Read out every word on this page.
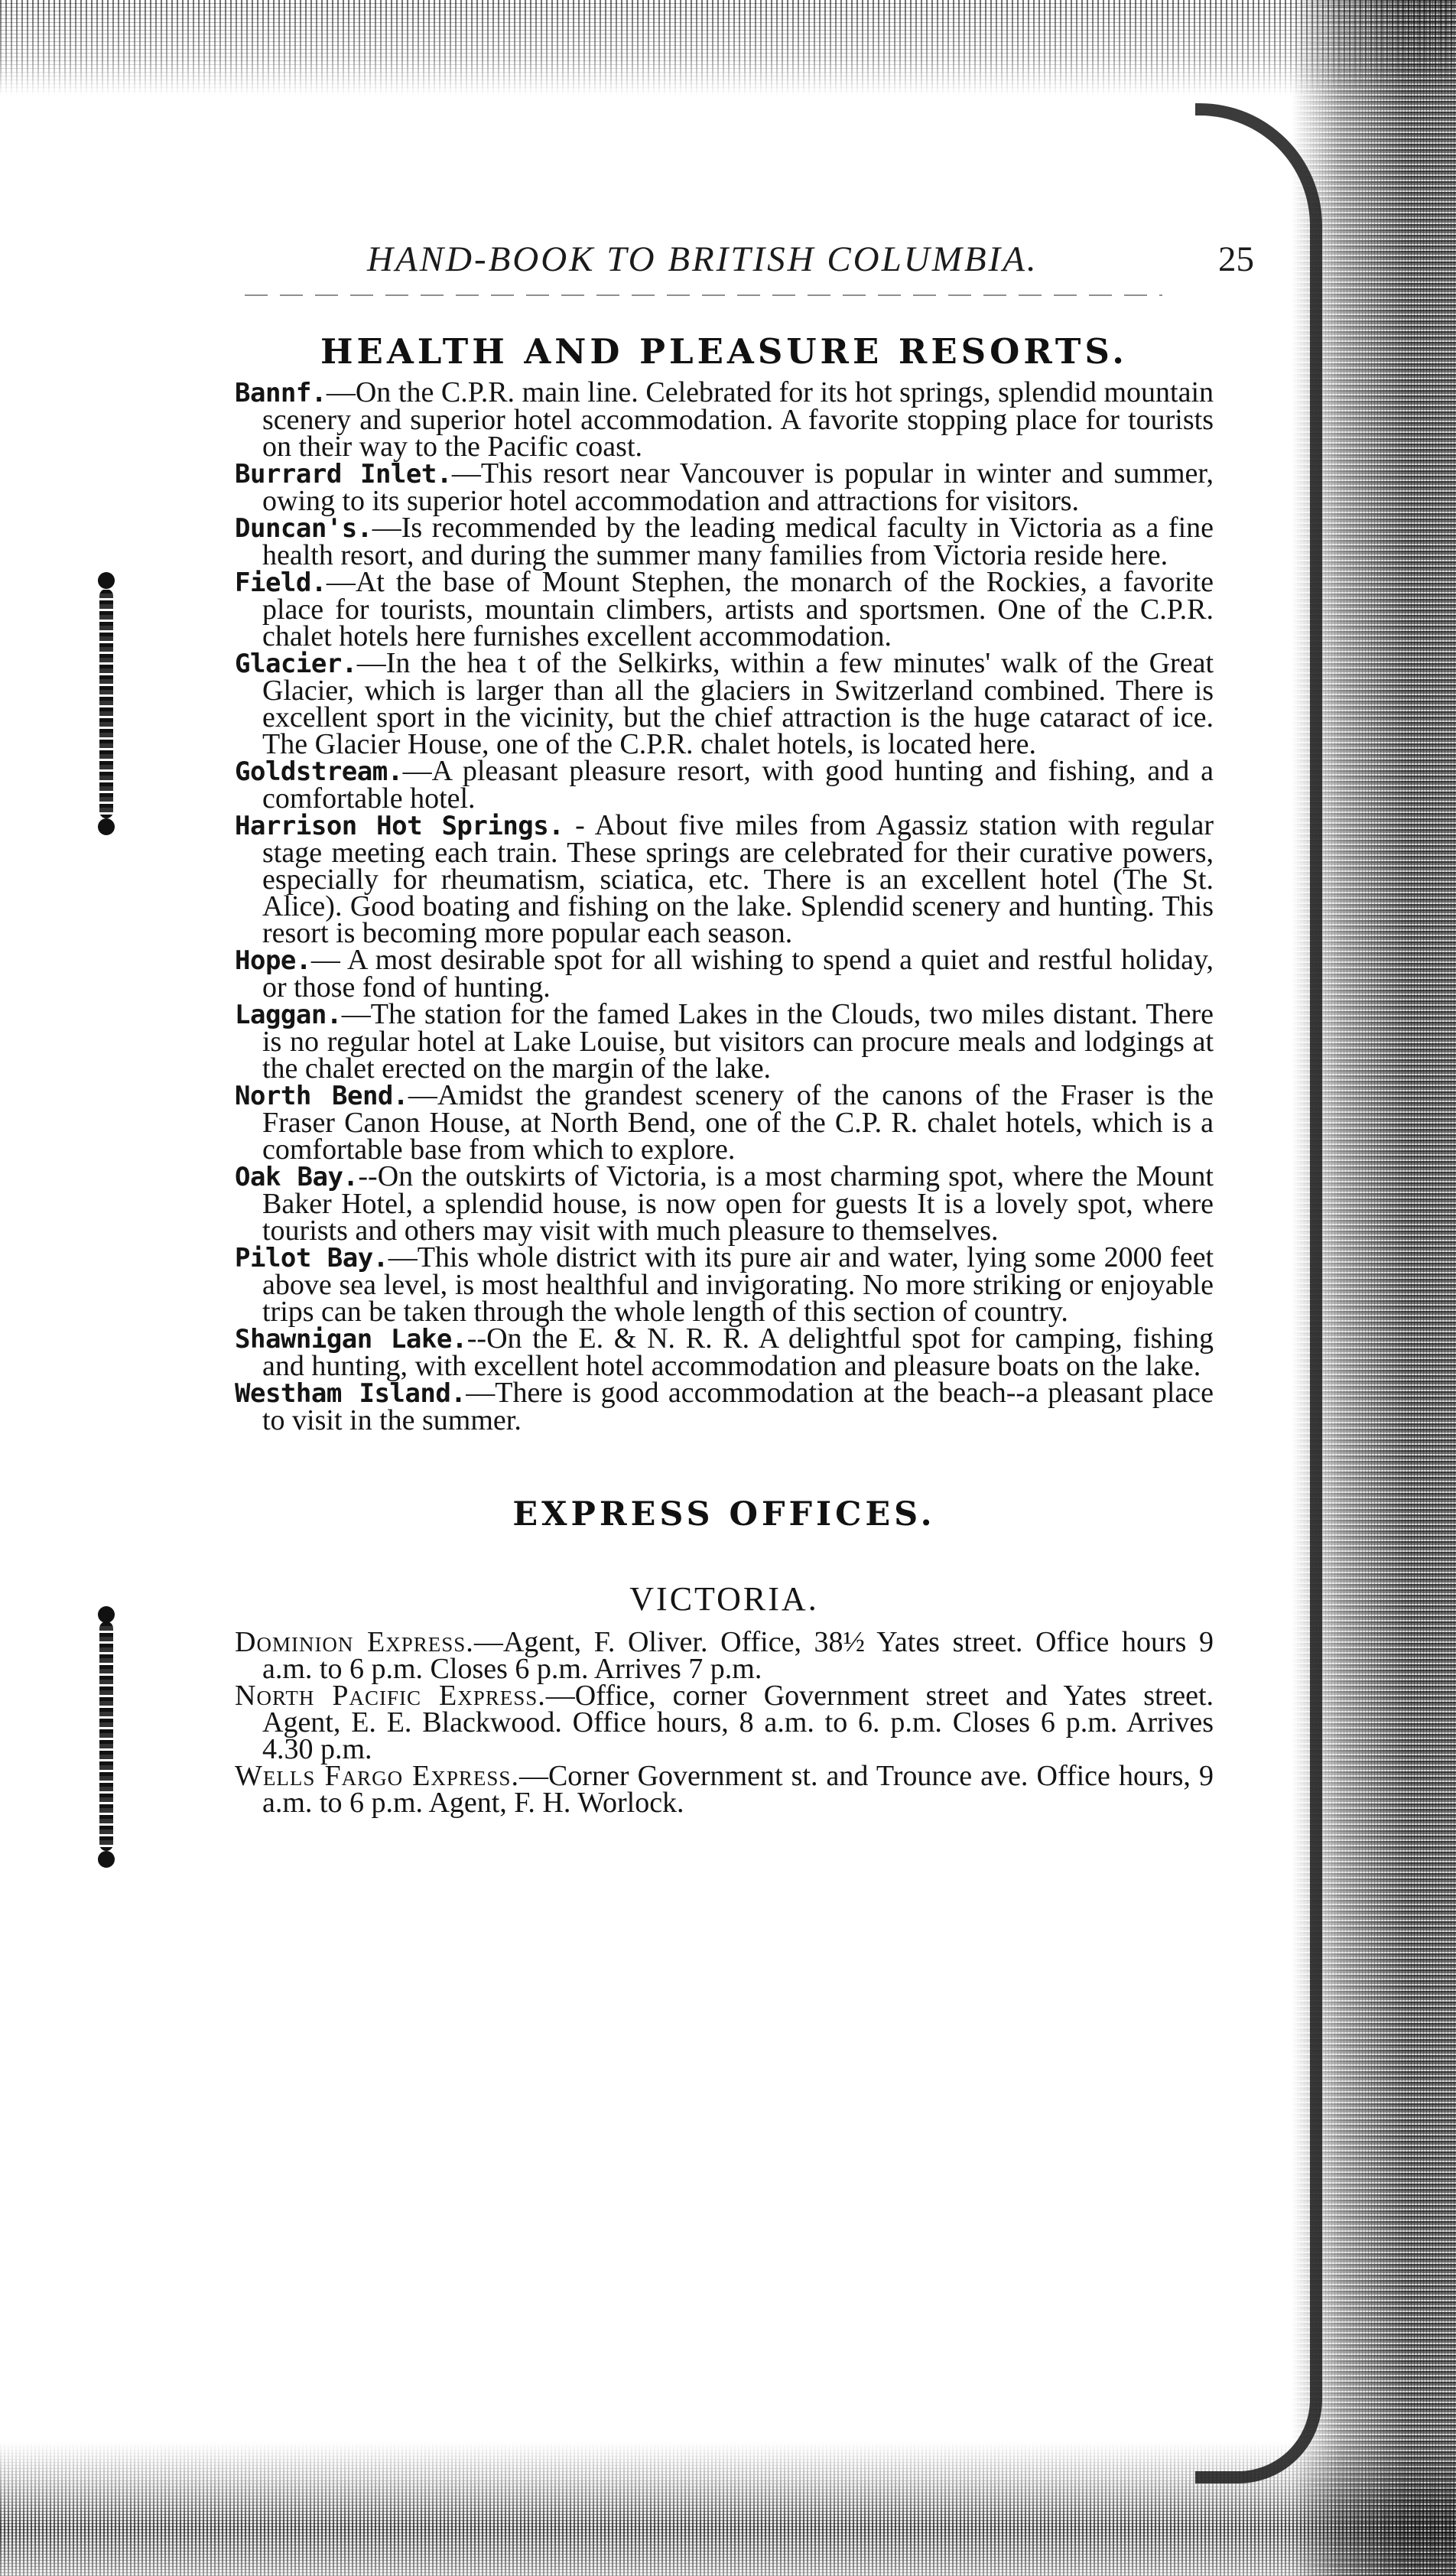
HAND-BOOK TO BRITISH COLUMBIA.	25
HEALTH AND PLEASURE RESORTS.

Bannf.—On the C.P.R. main line. Celebrated for its hot springs, splendid mountain scenery and superior hotel accommodation. A favorite stopping place for tourists on their way to the Pacific coast.

Burrard Inlet.—This resort near Vancouver is popular in winter and summer, owing to its superior hotel accommodation and attractions for visitors.

Duncan's.—Is recommended by the leading medical faculty in Victoria as a fine health resort, and during the summer many families from Victoria reside here.

Field.—At the base of Mount Stephen, the monarch of the Rockies, a favorite place for tourists, mountain climbers, artists and sportsmen. One of the C.P.R. chalet hotels here furnishes excellent accommodation.

Glacier.—In the hea t of the Selkirks, within a few minutes' walk of the Great Glacier, which is larger than all the glaciers in Switzerland combined. There is excellent sport in the vicinity, but the chief attraction is the huge cataract of ice. The Glacier House, one of the C.P.R. chalet hotels, is located here.

Goldstream.—A pleasant pleasure resort, with good hunting and fishing, and a comfortable hotel.

Harrison Hot Springs. - About five miles from Agassiz station with regular stage meeting each train. These springs are celebrated for their curative powers, especially for rheumatism, sciatica, etc. There is an excellent hotel (The St. Alice). Good boating and fishing on the lake. Splendid scenery and hunting. This resort is becoming more popular each season.

Hope.— A most desirable spot for all wishing to spend a quiet and restful holiday, or those fond of hunting.

Laggan.—The station for the famed Lakes in the Clouds, two miles distant. There is no regular hotel at Lake Louise, but visitors can procure meals and lodgings at the chalet erected on the margin of the lake.

North Bend.—Amidst the grandest scenery of the canons of the Fraser is the Fraser Canon House, at North Bend, one of the C.P. R. chalet hotels, which is a comfortable base from which to explore.

Oak Bay.--On the outskirts of Victoria, is a most charming spot, where the Mount Baker Hotel, a splendid house, is now open for guests It is a lovely spot, where tourists and others may visit with much pleasure to themselves.

Pilot Bay.—This whole district with its pure air and water, lying some 2000 feet above sea level, is most healthful and invigorating. No more striking or enjoyable trips can be taken through the whole length of this section of country.

Shawnigan Lake.--On the E. & N. R. R. A delightful spot for camping, fishing and hunting, with excellent hotel accommodation and pleasure boats on the lake.

Westham Island.—There is good accommodation at the beach--a pleasant place to visit in the summer.

EXPRESS OFFICES.
VICTORIA.

Dominion Express.—Agent, F. Oliver. Office, 38½ Yates street. Office hours 9 a.m. to 6 p.m. Closes 6 p.m. Arrives 7 p.m.

North Pacific Express.—Office, corner Government street and Yates street. Agent, E. E. Blackwood. Office hours, 8 a.m. to 6. p.m. Closes 6 p.m. Arrives 4.30 p.m.

Wells Fargo Express.—Corner Government st. and Trounce ave. Office hours, 9 a.m. to 6 p.m. Agent, F. H. Worlock.
